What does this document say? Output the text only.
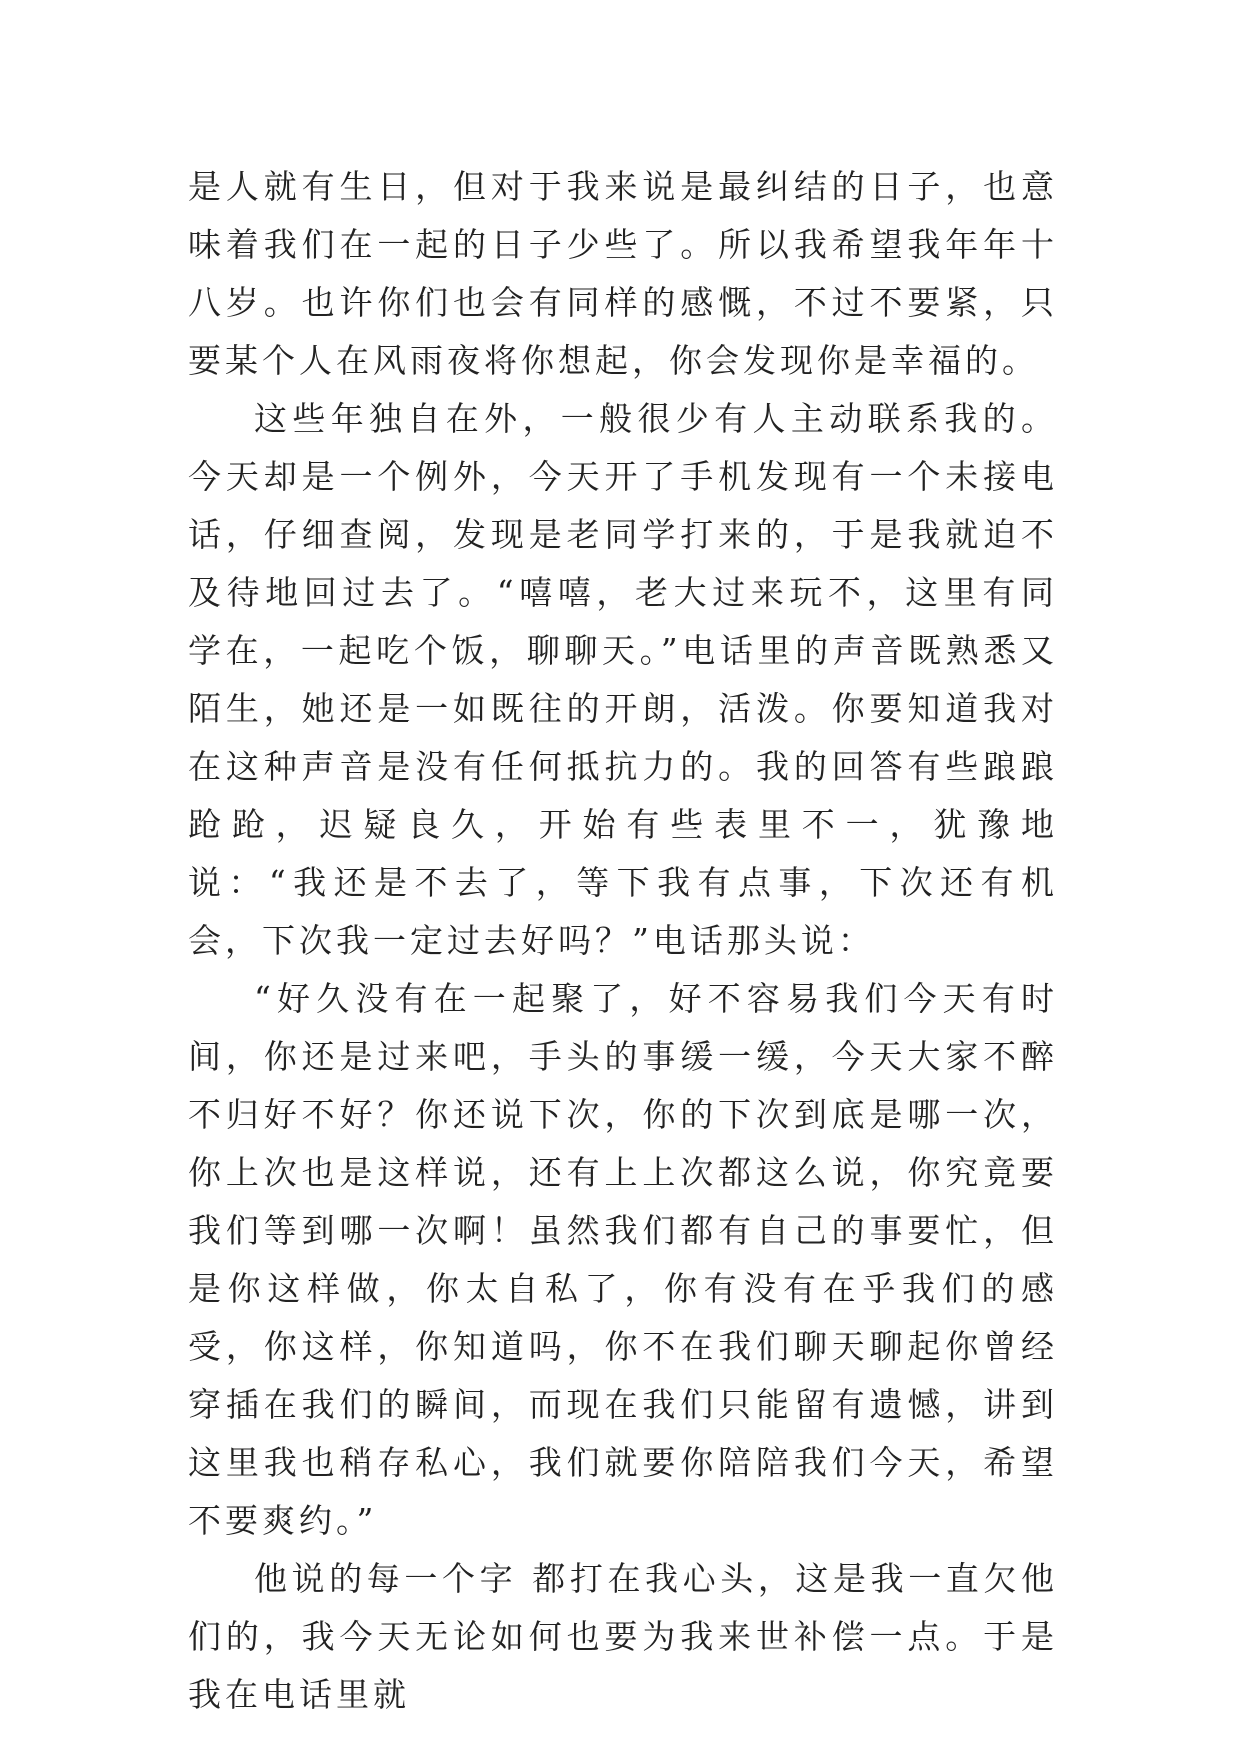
是人就有生日，但对于我来说是最纠结的日子，也意味着我们在一起的日子少些了。所以我希望我年年十八岁。也许你们也会有同样的感慨，不过不要紧，只要某个人在风雨夜将你想起，你会发现你是幸福的。

这些年独自在外，一般很少有人主动联系我的。今天却是一个例外，今天开了手机发现有一个未接电话，仔细查阅，发现是老同学打来的，于是我就迫不及待地回过去了。“嘻嘻，老大过来玩不，这里有同学在，一起吃个饭，聊聊天。”电话里的声音既熟悉又陌生，她还是一如既往的开朗，活泼。你要知道我对在这种声音是没有任何抵抗力的。我的回答有些踉踉跄跄，迟疑良久，开始有些表里不一，犹豫地说：“我还是不去了，等下我有点事，下次还有机会，下次我一定过去好吗？”电话那头说：

“好久没有在一起聚了，好不容易我们今天有时间，你还是过来吧，手头的事缓一缓，今天大家不醉不归好不好？你还说下次，你的下次到底是哪一次，你上次也是这样说，还有上上次都这么说，你究竟要我们等到哪一次啊！虽然我们都有自己的事要忙，但是你这样做，你太自私了，你有没有在乎我们的感受，你这样，你知道吗，你不在我们聊天聊起你曾经穿插在我们的瞬间，而现在我们只能留有遗憾，讲到这里我也稍存私心，我们就要你陪陪我们今天，希望不要爽约。”

他说的每一个字 都打在我心头，这是我一直欠他们的，我今天无论如何也要为我来世补偿一点。于是我在电话里就
